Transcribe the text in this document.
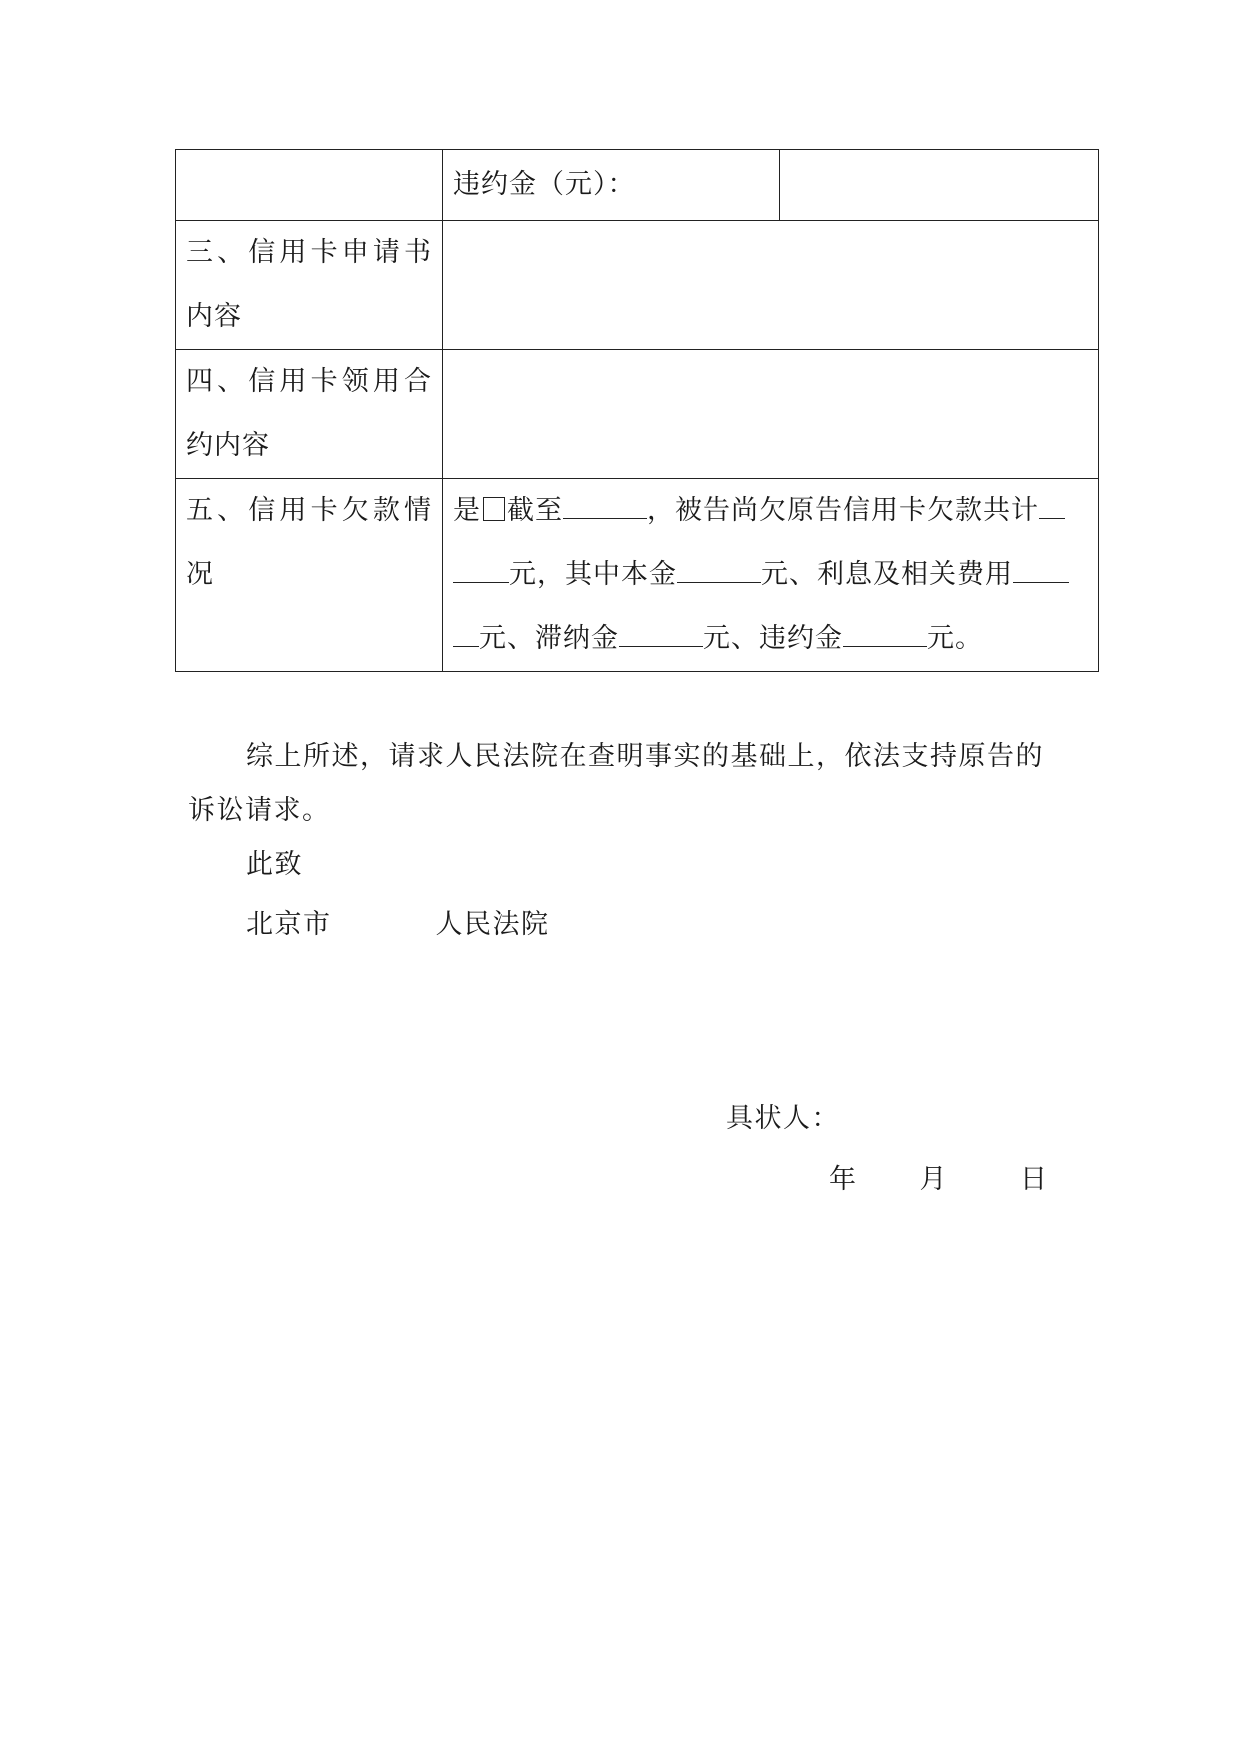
	违约金（元）：	
三、信用卡申请书内容		
四、信用卡领用合约内容		
五、信用卡欠款情况	是 截至 ，被告尚欠原告信用卡欠款共计元，其中本金 元、利息及相关费用元、滞纳金 元、违约金 元。	
综上所述，请求人民法院在查明事实的基础上，依法支持原告的诉讼请求。
此致
北京市	人民法院
具状人：
年 月	日
